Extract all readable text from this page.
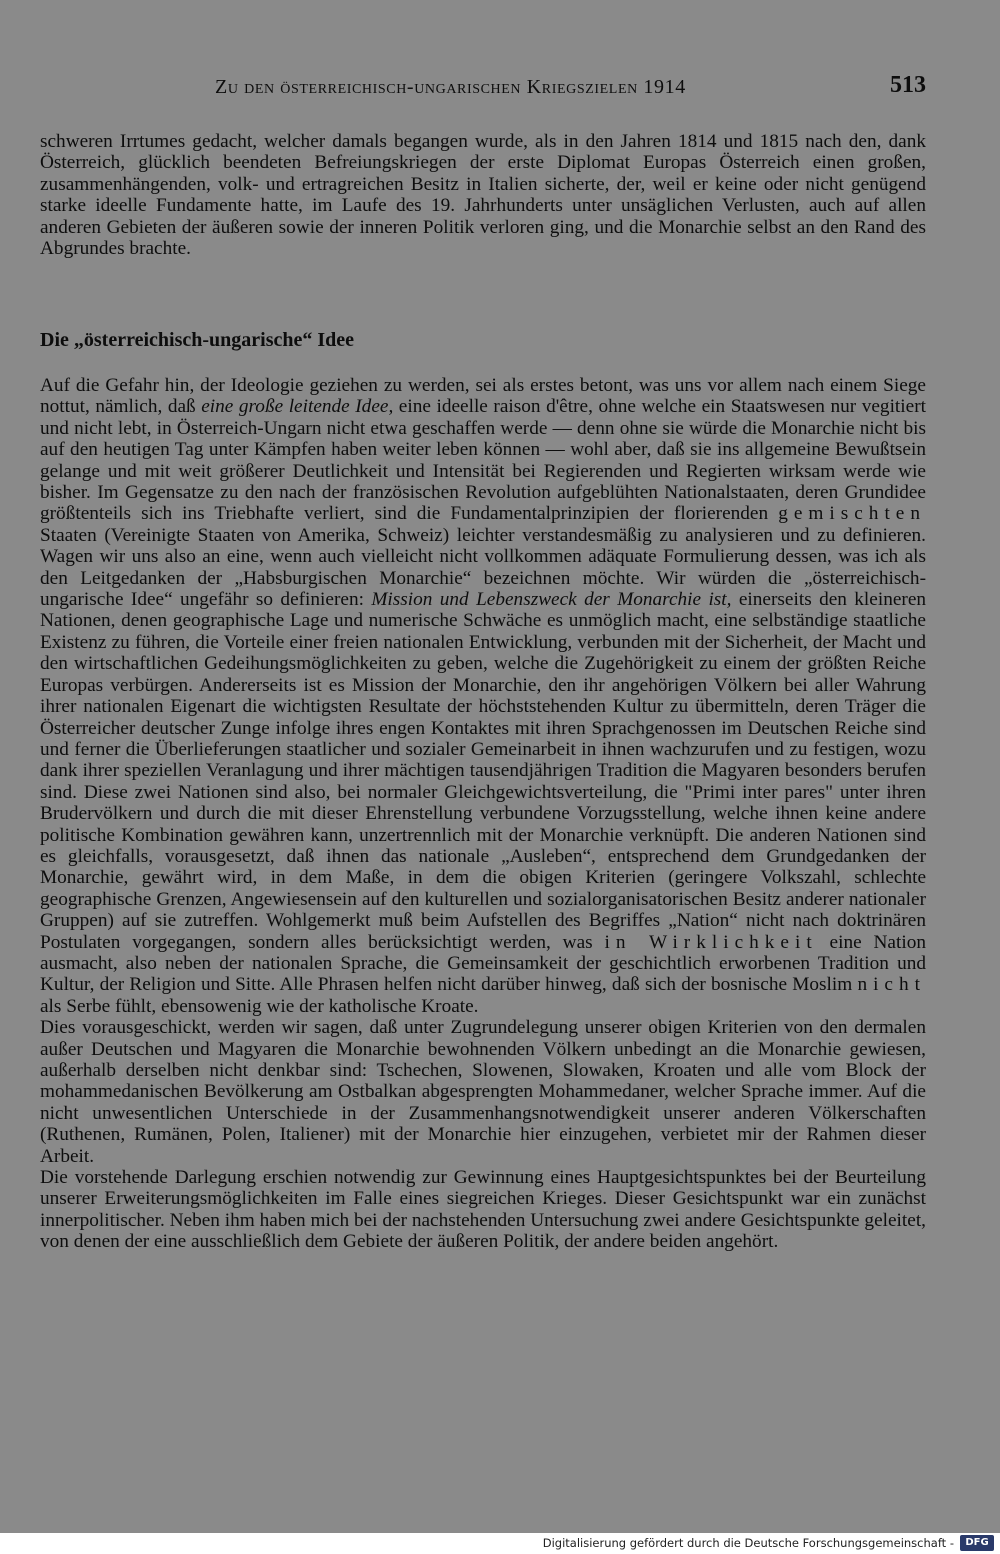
Zu den österreichisch-ungarischen Kriegszielen 1914	513

schweren Irrtumes gedacht, welcher damals begangen wurde, als in den Jahren 1814 und 1815 nach den, dank Österreich, glücklich beendeten Befreiungskriegen der erste Diplomat Europas Österreich einen großen, zusammenhängenden, volk- und ertragreichen Besitz in Italien sicherte, der, weil er keine oder nicht genügend starke ideelle Fundamente hatte, im Laufe des 19. Jahrhunderts unter unsäglichen Verlusten, auch auf allen anderen Gebieten der äußeren sowie der inneren Politik verloren ging, und die Monarchie selbst an den Rand des Abgrundes brachte.

Die „österreichisch-ungarische“ Idee

Auf die Gefahr hin, der Ideologie geziehen zu werden, sei als erstes betont, was uns vor allem nach einem Siege nottut, nämlich, daß eine große leitende Idee, eine ideelle raison d'être, ohne welche ein Staatswesen nur vegitiert und nicht lebt, in Österreich-Ungarn nicht etwa geschaffen werde — denn ohne sie würde die Monarchie nicht bis auf den heutigen Tag unter Kämpfen haben weiter leben können — wohl aber, daß sie ins allgemeine Bewußtsein gelange und mit weit größerer Deutlichkeit und Intensität bei Regierenden und Regierten wirksam werde wie bisher. Im Gegensatze zu den nach der französischen Revolution aufgeblühten Nationalstaaten, deren Grundidee größtenteils sich ins Triebhafte verliert, sind die Fundamentalprinzipien der florierenden gemischten Staaten (Vereinigte Staaten von Amerika, Schweiz) leichter verstandesmäßig zu analysieren und zu definieren. Wagen wir uns also an eine, wenn auch vielleicht nicht vollkommen adäquate Formulierung dessen, was ich als den Leitgedanken der „Habsburgischen Monarchie“ bezeichnen möchte. Wir würden die „österreichisch-ungarische Idee“ ungefähr so definieren: Mission und Lebenszweck der Monarchie ist, einerseits den kleineren Nationen, denen geographische Lage und numerische Schwäche es unmöglich macht, eine selbständige staatliche Existenz zu führen, die Vorteile einer freien nationalen Entwicklung, verbunden mit der Sicherheit, der Macht und den wirtschaftlichen Gedeihungsmöglichkeiten zu geben, welche die Zugehörigkeit zu einem der größten Reiche Europas verbürgen. Andererseits ist es Mission der Monarchie, den ihr angehörigen Völkern bei aller Wahrung ihrer nationalen Eigenart die wichtigsten Resultate der höchststehenden Kultur zu übermitteln, deren Träger die Österreicher deutscher Zunge infolge ihres engen Kontaktes mit ihren Sprachgenossen im Deutschen Reiche sind und ferner die Überlieferungen staatlicher und sozialer Gemeinarbeit in ihnen wachzurufen und zu festigen, wozu dank ihrer speziellen Veranlagung und ihrer mächtigen tausendjährigen Tradition die Magyaren besonders berufen sind. Diese zwei Nationen sind also, bei normaler Gleichgewichtsverteilung, die "Primi inter pares" unter ihren Brudervölkern und durch die mit dieser Ehrenstellung verbundene Vorzugsstellung, welche ihnen keine andere politische Kombination gewähren kann, unzertrennlich mit der Monarchie verknüpft. Die anderen Nationen sind es gleichfalls, vorausgesetzt, daß ihnen das nationale „Ausleben“, entsprechend dem Grundgedanken der Monarchie, gewährt wird, in dem Maße, in dem die obigen Kriterien (geringere Volkszahl, schlechte geographische Grenzen, Angewiesensein auf den kulturellen und sozialorganisatorischen Besitz anderer nationaler Gruppen) auf sie zutreffen. Wohlgemerkt muß beim Aufstellen des Begriffes „Nation“ nicht nach doktrinären Postulaten vorgegangen, sondern alles berücksichtigt werden, was in Wirklichkeit eine Nation ausmacht, also neben der nationalen Sprache, die Gemeinsamkeit der geschichtlich erworbenen Tradition und Kultur, der Religion und Sitte. Alle Phrasen helfen nicht darüber hinweg, daß sich der bosnische Moslim nicht als Serbe fühlt, ebensowenig wie der katholische Kroate.

Dies vorausgeschickt, werden wir sagen, daß unter Zugrundelegung unserer obigen Kriterien von den dermalen außer Deutschen und Magyaren die Monarchie bewohnenden Völkern unbedingt an die Monarchie gewiesen, außerhalb derselben nicht denkbar sind: Tschechen, Slowenen, Slowaken, Kroaten und alle vom Block der mohammedanischen Bevölkerung am Ostbalkan abgesprengten Mohammedaner, welcher Sprache immer. Auf die nicht unwesentlichen Unterschiede in der Zusammenhangsnotwendigkeit unserer anderen Völkerschaften (Ruthenen, Rumänen, Polen, Italiener) mit der Monarchie hier einzugehen, verbietet mir der Rahmen dieser Arbeit.

Die vorstehende Darlegung erschien notwendig zur Gewinnung eines Hauptgesichtspunktes bei der Beurteilung unserer Erweiterungsmöglichkeiten im Falle eines siegreichen Krieges. Dieser Gesichtspunkt war ein zunächst innerpolitischer. Neben ihm haben mich bei der nachstehenden Untersuchung zwei andere Gesichtspunkte geleitet, von denen der eine ausschließlich dem Gebiete der äußeren Politik, der andere beiden angehört.

Digitalisierung gefördert durch die Deutsche Forschungsgemeinschaft -	DFG
